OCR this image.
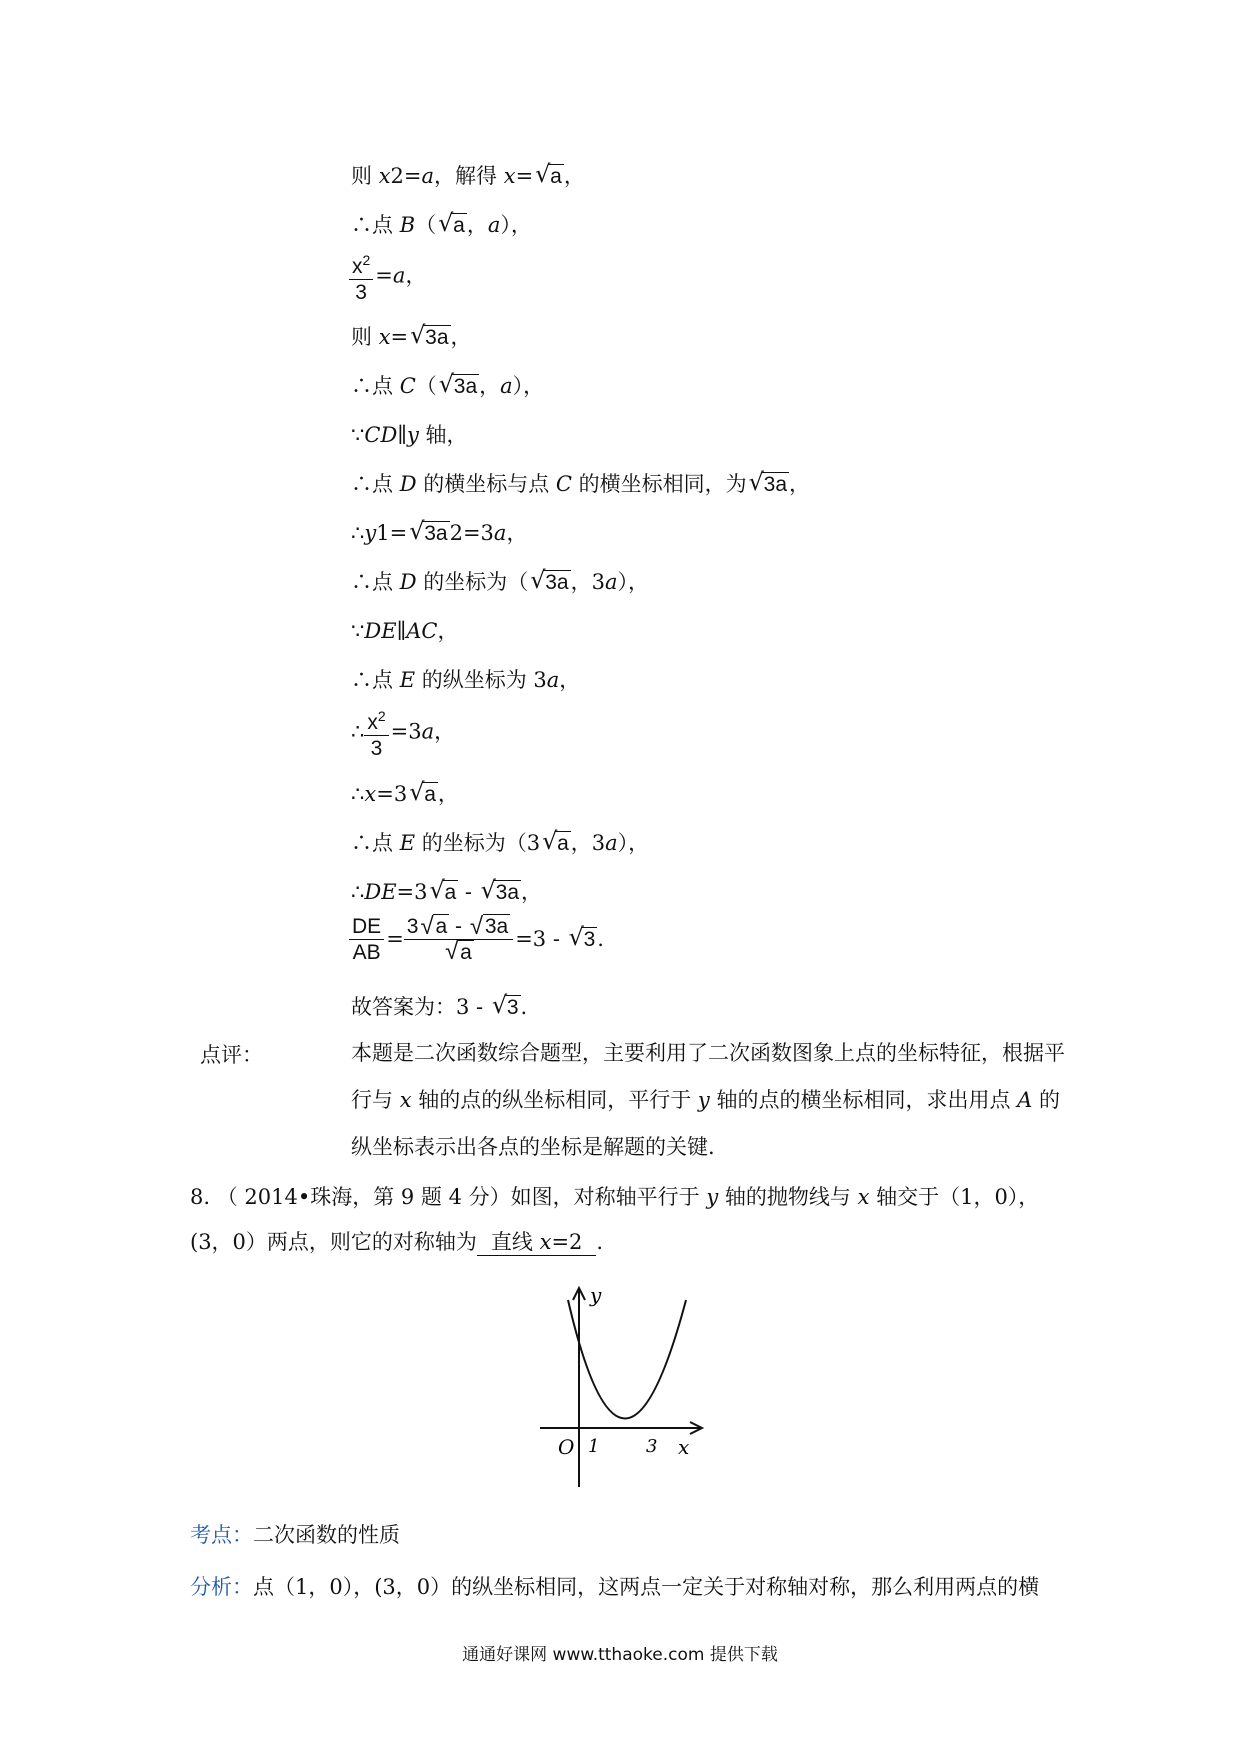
则 x2=a，解得 x= √ a，
∴点 B（ √ a，a），
$\frac{x^2}{3} =a$，
则 x= √ 3a，
∴点 C（ √ 3a，a），
∵CD∥y 轴，
∴点 D 的横坐标与点 C 的横坐标相同，为 √ 3a，
∴y1= √ 3a2=3a，
∴点 D 的坐标为（ √ 3a，3a），
∵DE∥AC，
∴点 E 的纵坐标为 3a，
∴ $\frac{x^2}{3} =3a$，
∴x=3 √ a，
∴点 E 的坐标为（3 √ a，3a），
∴DE=3 √ a - √ 3a，
$\frac{DE}{AB} = \frac{3 √ a - √ 3a}{√ a} =3$ - √ 3.
故答案为：3 - √ 3.
点评：	本题是二次函数综合题型，主要利用了二次函数图象上点的坐标特征，根据平行与 x 轴的点的纵坐标相同，平行于 y 轴的点的横坐标相同，求出用点 A 的纵坐标表示出各点的坐标是解题的关键.
8. （ 2014•珠海，第 9 题 4 分）如图，对称轴平行于 y 轴的抛物线与 x 轴交于（1，0），(3，0）两点，则它的对称轴为 直线 x=2 .
y
x
O 1	3
考点：二次函数的性质
分析：点（1，0），(3，0）的纵坐标相同，这两点一定关于对称轴对称，那么利用两点的横
通通好课网 www.tthaoke.com 提供下载
